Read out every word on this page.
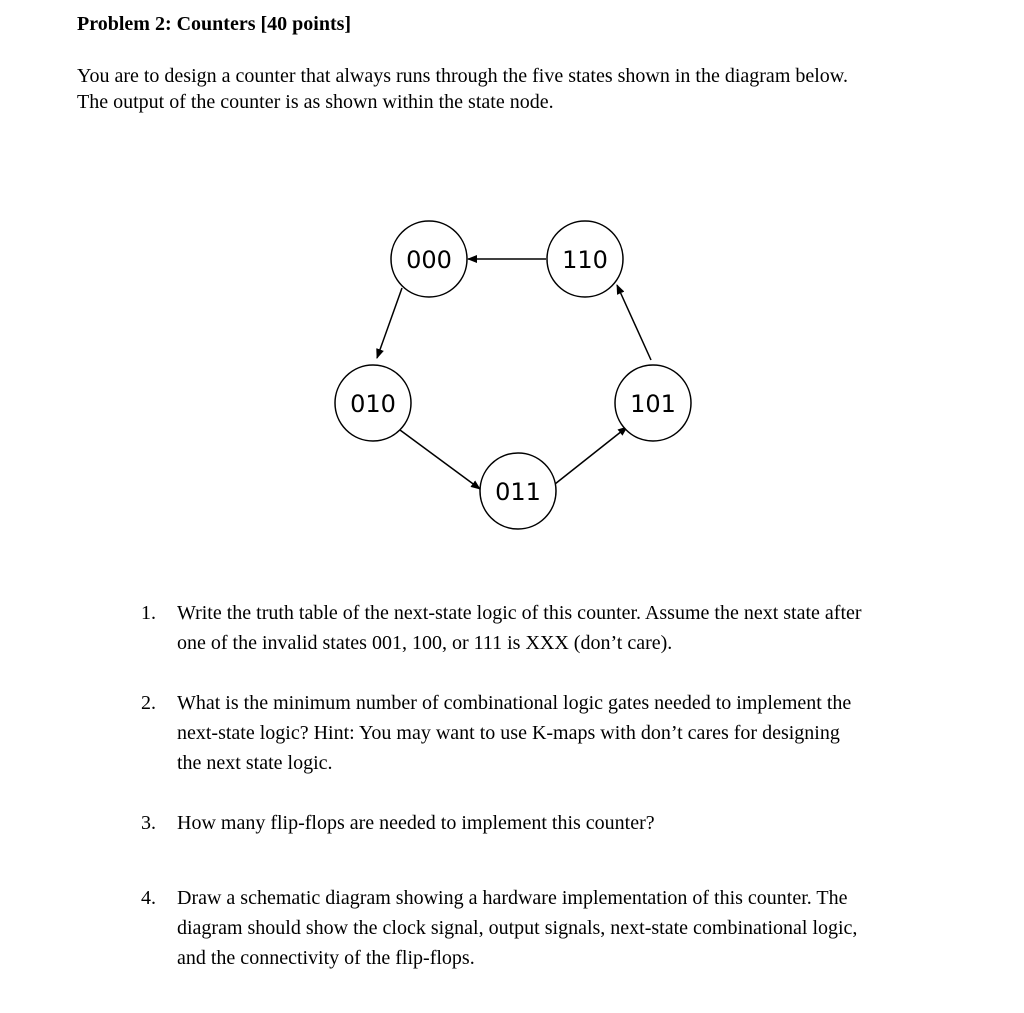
Problem 2: Counters [40 points]

You are to design a counter that always runs through the five states shown in the diagram below.

The output of the counter is as shown within the state node.

000	110
010	101
011
1. Write the truth table of the next-state logic of this counter. Assume the next state after
one of the invalid states 001, 100, or 111 is XXX (don’t care).
2. What is the minimum number of combinational logic gates needed to implement the
next-state logic? Hint: You may want to use K-maps with don’t cares for designing
the next state logic.
3. How many flip-flops are needed to implement this counter?
4. Draw a schematic diagram showing a hardware implementation of this counter. The
diagram should show the clock signal, output signals, next-state combinational logic,
and the connectivity of the flip-flops.
